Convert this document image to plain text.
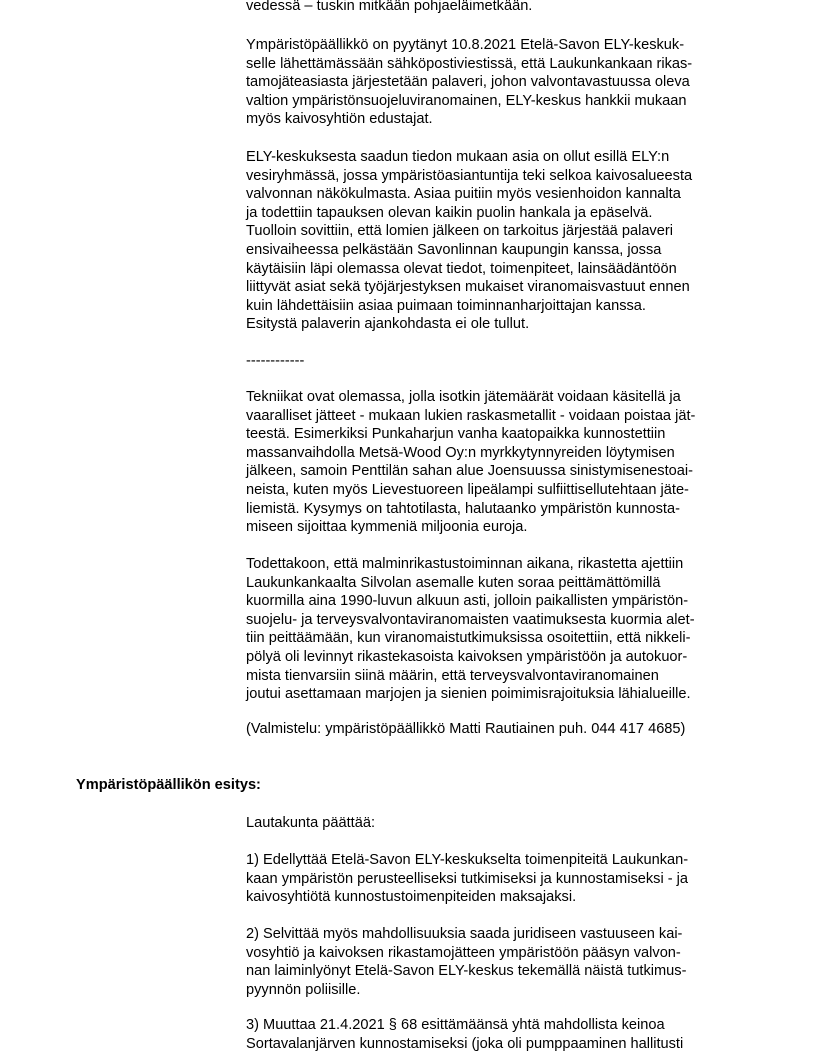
vedessä – tuskin mitkään pohjaeläimetkään.
Ympäristöpäällikkö on pyytänyt 10.8.2021 Etelä-Savon ELY-keskuk-
selle lähettämässään sähköpostiviestissä, että Laukunkankaan rikas-
tamojäteasiasta järjestetään palaveri, johon valvontavastuussa oleva
valtion ympäristönsuojeluviranomainen, ELY-keskus hankkii mukaan
myös kaivosyhtiön edustajat.
ELY-keskuksesta saadun tiedon mukaan asia on ollut esillä ELY:n
vesiryhmässä, jossa ympäristöasiantuntija teki selkoa kaivosalueesta
valvonnan näkökulmasta. Asiaa puitiin myös vesienhoidon kannalta
ja todettiin tapauksen olevan kaikin puolin hankala ja epäselvä.
Tuolloin sovittiin, että lomien jälkeen on tarkoitus järjestää palaveri
ensivaiheessa pelkästään Savonlinnan kaupungin kanssa, jossa
käytäisiin läpi olemassa olevat tiedot, toimenpiteet, lainsäädäntöön
liittyvät asiat sekä työjärjestyksen mukaiset viranomaisvastuut ennen
kuin lähdettäisiin asiaa puimaan toiminnanharjoittajan kanssa.
Esitystä palaverin ajankohdasta ei ole tullut.
------------
Tekniikat ovat olemassa, jolla isotkin jätemäärät voidaan käsitellä ja
vaaralliset jätteet - mukaan lukien raskasmetallit - voidaan poistaa jät-
teestä. Esimerkiksi Punkaharjun vanha kaatopaikka kunnostettiin
massanvaihdolla Metsä-Wood Oy:n myrkkytynnyreiden löytymisen
jälkeen, samoin Penttilän sahan alue Joensuussa sinistymisenestoai-
neista, kuten myös Lievestuoreen lipeälampi sulfiittisellutehtaan jäte-
liemistä. Kysymys on tahtotilasta, halutaanko ympäristön kunnosta-
miseen sijoittaa kymmeniä miljoonia euroja.
Todettakoon, että malminrikastustoiminnan aikana, rikastetta ajettiin
Laukunkankaalta Silvolan asemalle kuten soraa peittämättömillä
kuormilla aina 1990-luvun alkuun asti, jolloin paikallisten ympäristön-
suojelu- ja terveysvalvontaviranomaisten vaatimuksesta kuormia alet-
tiin peittäämään, kun viranomaistutkimuksissa osoitettiin, että nikkeli-
pölyä oli levinnyt rikastekasoista kaivoksen ympäristöön ja autokuor-
mista tienvarsiin siinä määrin, että terveysvalvontaviranomainen
joutui asettamaan marjojen ja sienien poimimisrajoituksia lähialueille.
(Valmistelu: ympäristöpäällikkö Matti Rautiainen puh. 044 417 4685)
Ympäristöpäällikön esitys:
Lautakunta päättää:
1) Edellyttää Etelä-Savon ELY-keskukselta toimenpiteitä Laukunkan-
kaan ympäristön perusteelliseksi tutkimiseksi ja kunnostamiseksi - ja
kaivosyhtiötä kunnostustoimenpiteiden maksajaksi.
2) Selvittää myös mahdollisuuksia saada juridiseen vastuuseen kai-
vosyhtiö ja kaivoksen rikastamojätteen ympäristöön pääsyn valvon-
nan laiminlyönyt Etelä-Savon ELY-keskus tekemällä näistä tutkimus-
pyynnön poliisille.
3) Muuttaa 21.4.2021 § 68 esittämäänsä yhtä mahdollista keinoa
Sortavalanjärven kunnostamiseksi (joka oli pumppaaminen hallitusti
